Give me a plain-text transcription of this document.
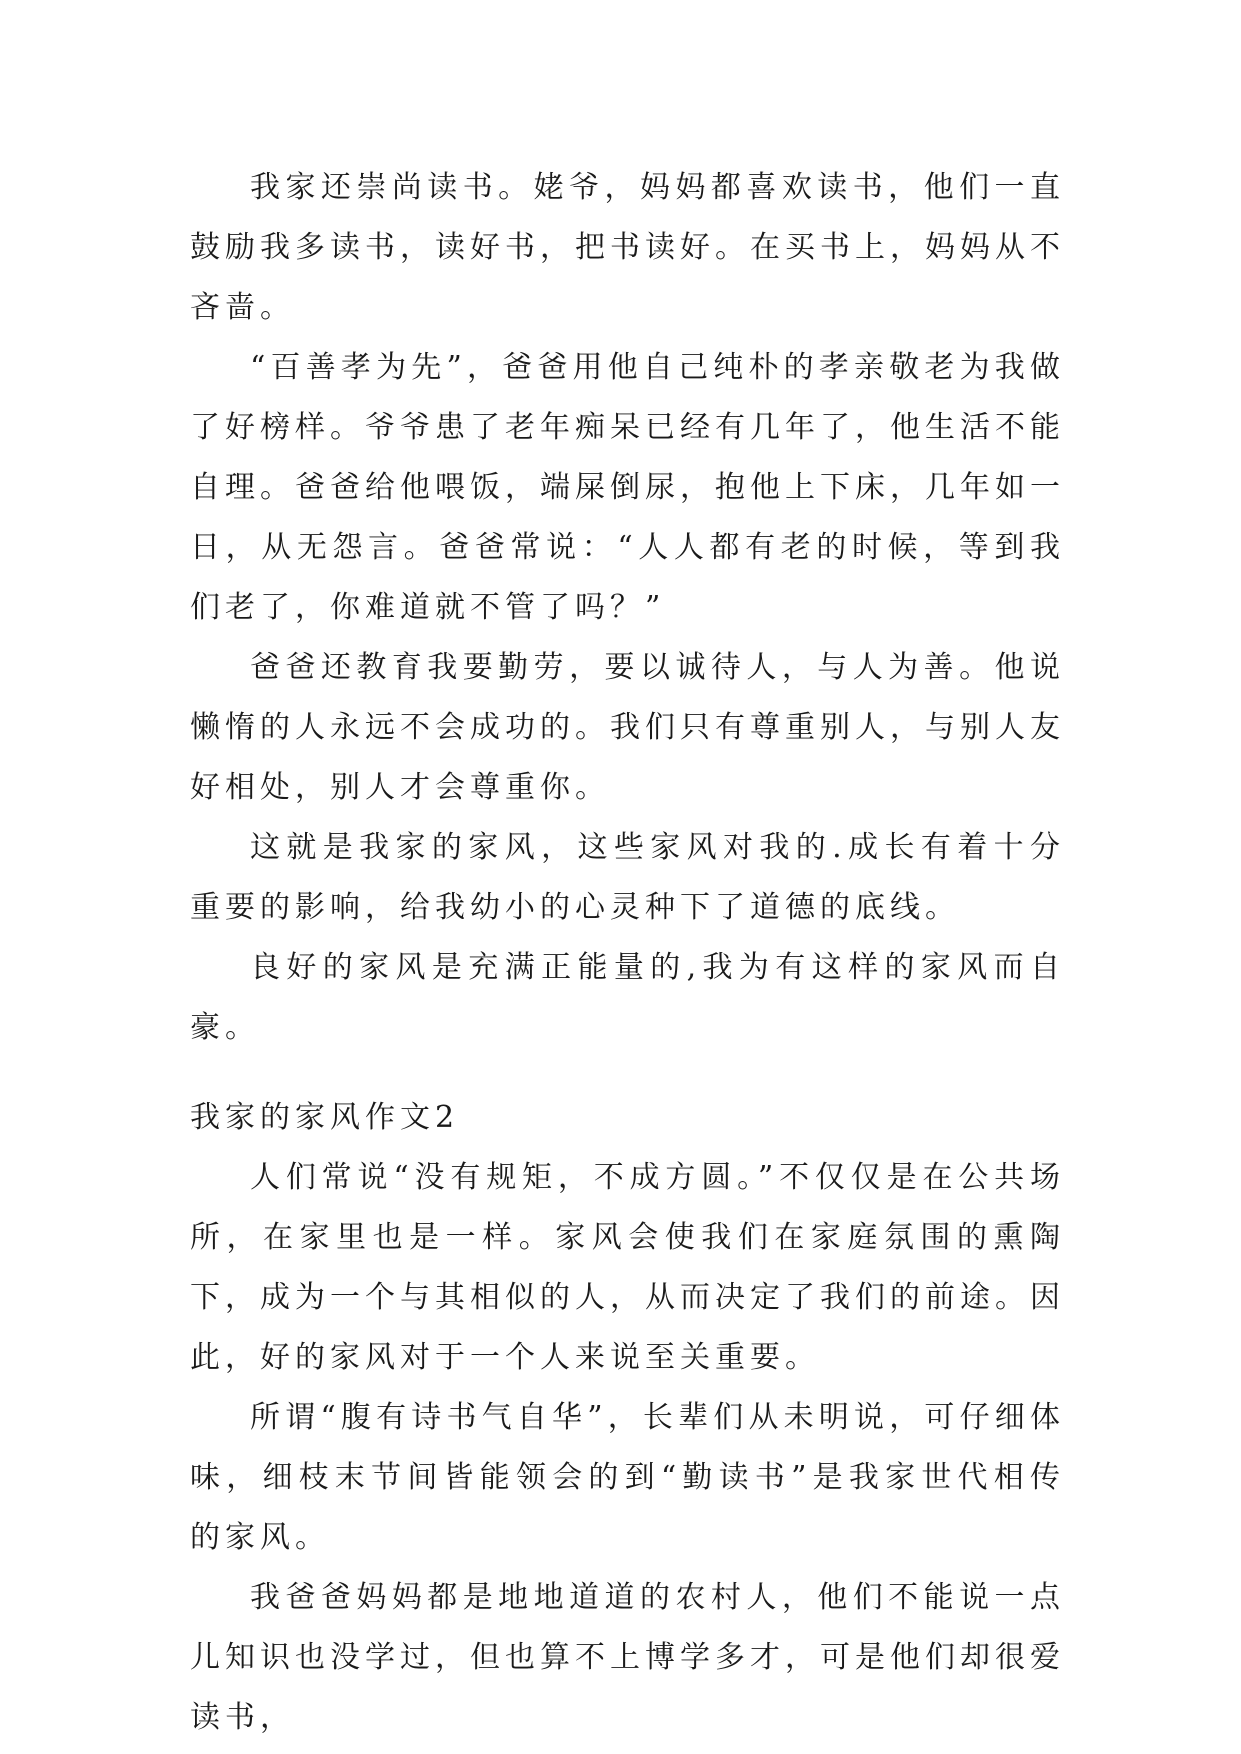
我家还崇尚读书。姥爷，妈妈都喜欢读书，他们一直鼓励我多读书，读好书，把书读好。在买书上，妈妈从不吝啬。

“百善孝为先”，爸爸用他自己纯朴的孝亲敬老为我做了好榜样。爷爷患了老年痴呆已经有几年了，他生活不能自理。爸爸给他喂饭，端屎倒尿，抱他上下床，几年如一日，从无怨言。爸爸常说：“人人都有老的时候，等到我们老了，你难道就不管了吗？”

爸爸还教育我要勤劳，要以诚待人，与人为善。他说懒惰的人永远不会成功的。我们只有尊重别人，与别人友好相处，别人才会尊重你。

这就是我家的家风，这些家风对我的.成长有着十分重要的影响，给我幼小的心灵种下了道德的底线。

良好的家风是充满正能量的,我为有这样的家风而自豪。

我家的家风作文2

人们常说“没有规矩，不成方圆。”不仅仅是在公共场所，在家里也是一样。家风会使我们在家庭氛围的熏陶下，成为一个与其相似的人，从而决定了我们的前途。因此，好的家风对于一个人来说至关重要。

所谓“腹有诗书气自华”，长辈们从未明说，可仔细体味，细枝末节间皆能领会的到“勤读书”是我家世代相传的家风。

我爸爸妈妈都是地地道道的农村人，他们不能说一点儿知识也没学过，但也算不上博学多才，可是他们却很爱读书，
